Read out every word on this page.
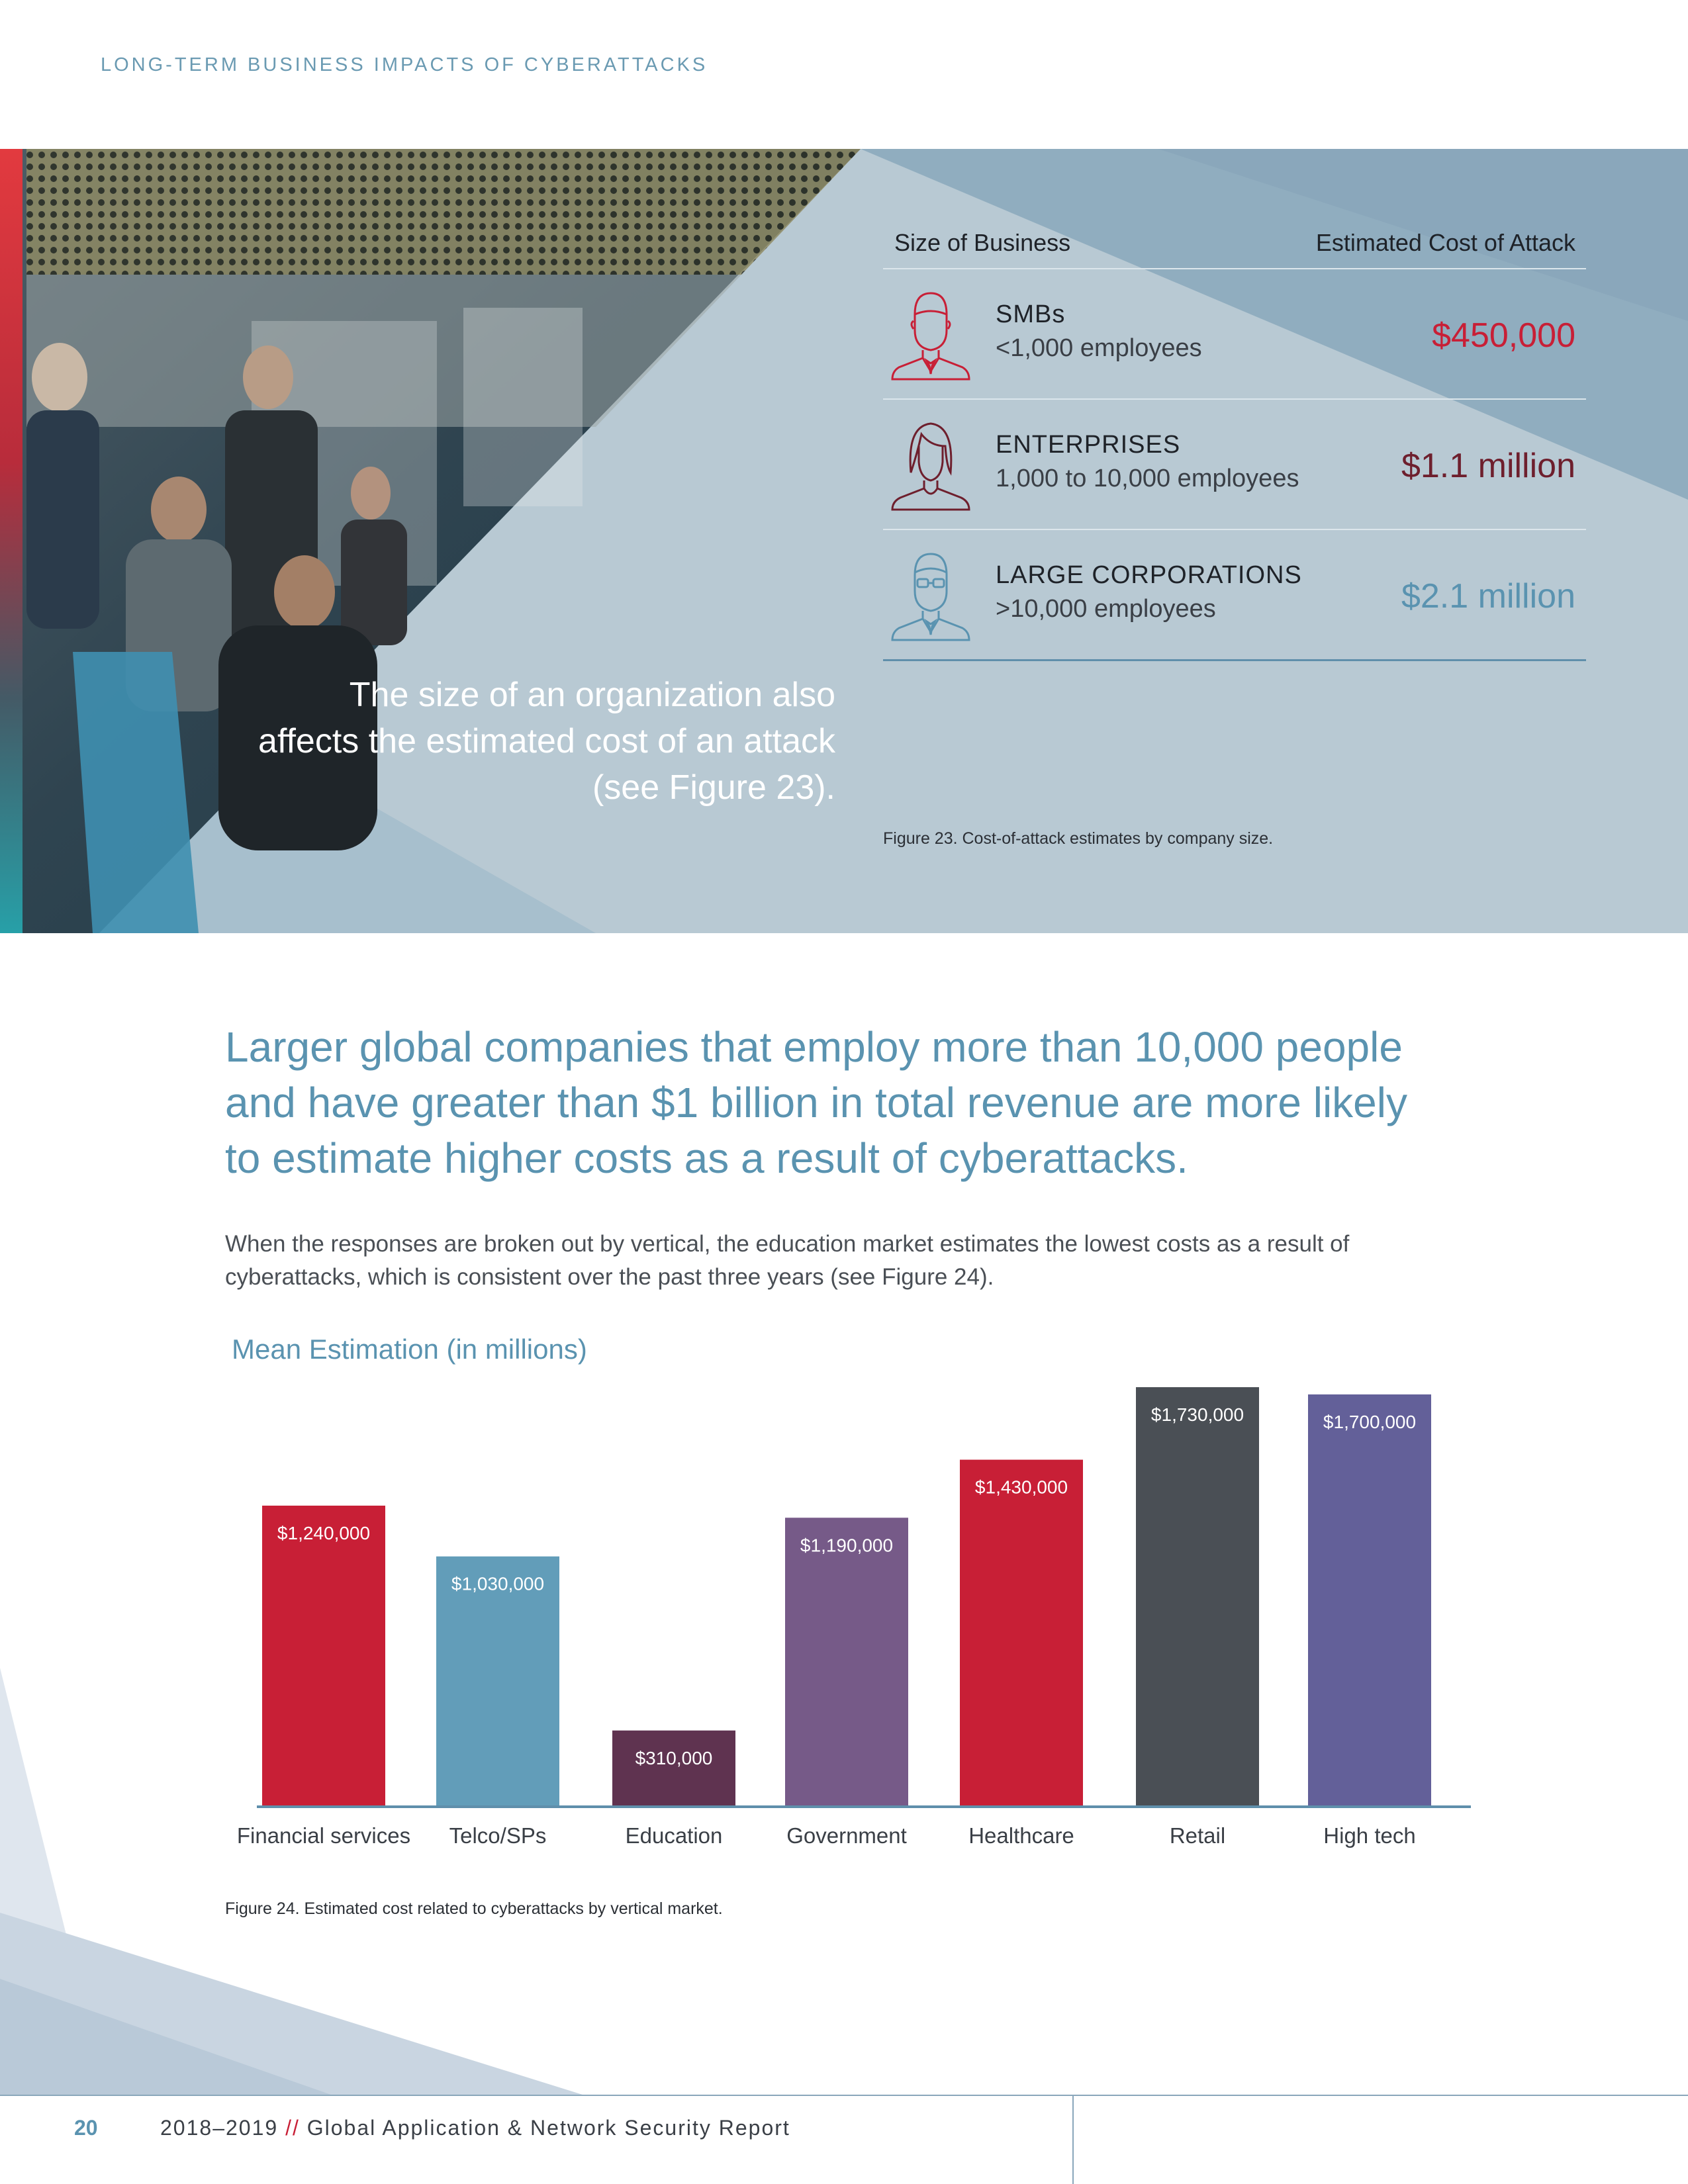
LONG-TERM BUSINESS IMPACTS OF CYBERATTACKS
The size of an organization also affects the estimated cost of an attack (see Figure 23).
Size of Business	Estimated Cost of Attack
SMBs
<1,000 employees	$450,000
ENTERPRISES
1,000 to 10,000 employees	$1.1 million
LARGE CORPORATIONS
>10,000 employees	$2.1 million
Figure 23. Cost-of-attack estimates by company size.
Larger global companies that employ more than 10,000 people and have greater than $1 billion in total revenue are more likely to estimate higher costs as a result of cyberattacks.
When the responses are broken out by vertical, the education market estimates the lowest costs as a result of cyberattacks, which is consistent over the past three years (see Figure 24).
Mean Estimation (in millions)
$1,240,000
Financial services
$1,030,000
Telco/SPs
$310,000
Education
$1,190,000
Government
$1,430,000
Healthcare
$1,730,000
Retail
$1,700,000
High tech
Figure 24. Estimated cost related to cyberattacks by vertical market.
20	2018–2019 // Global Application & Network Security Report
